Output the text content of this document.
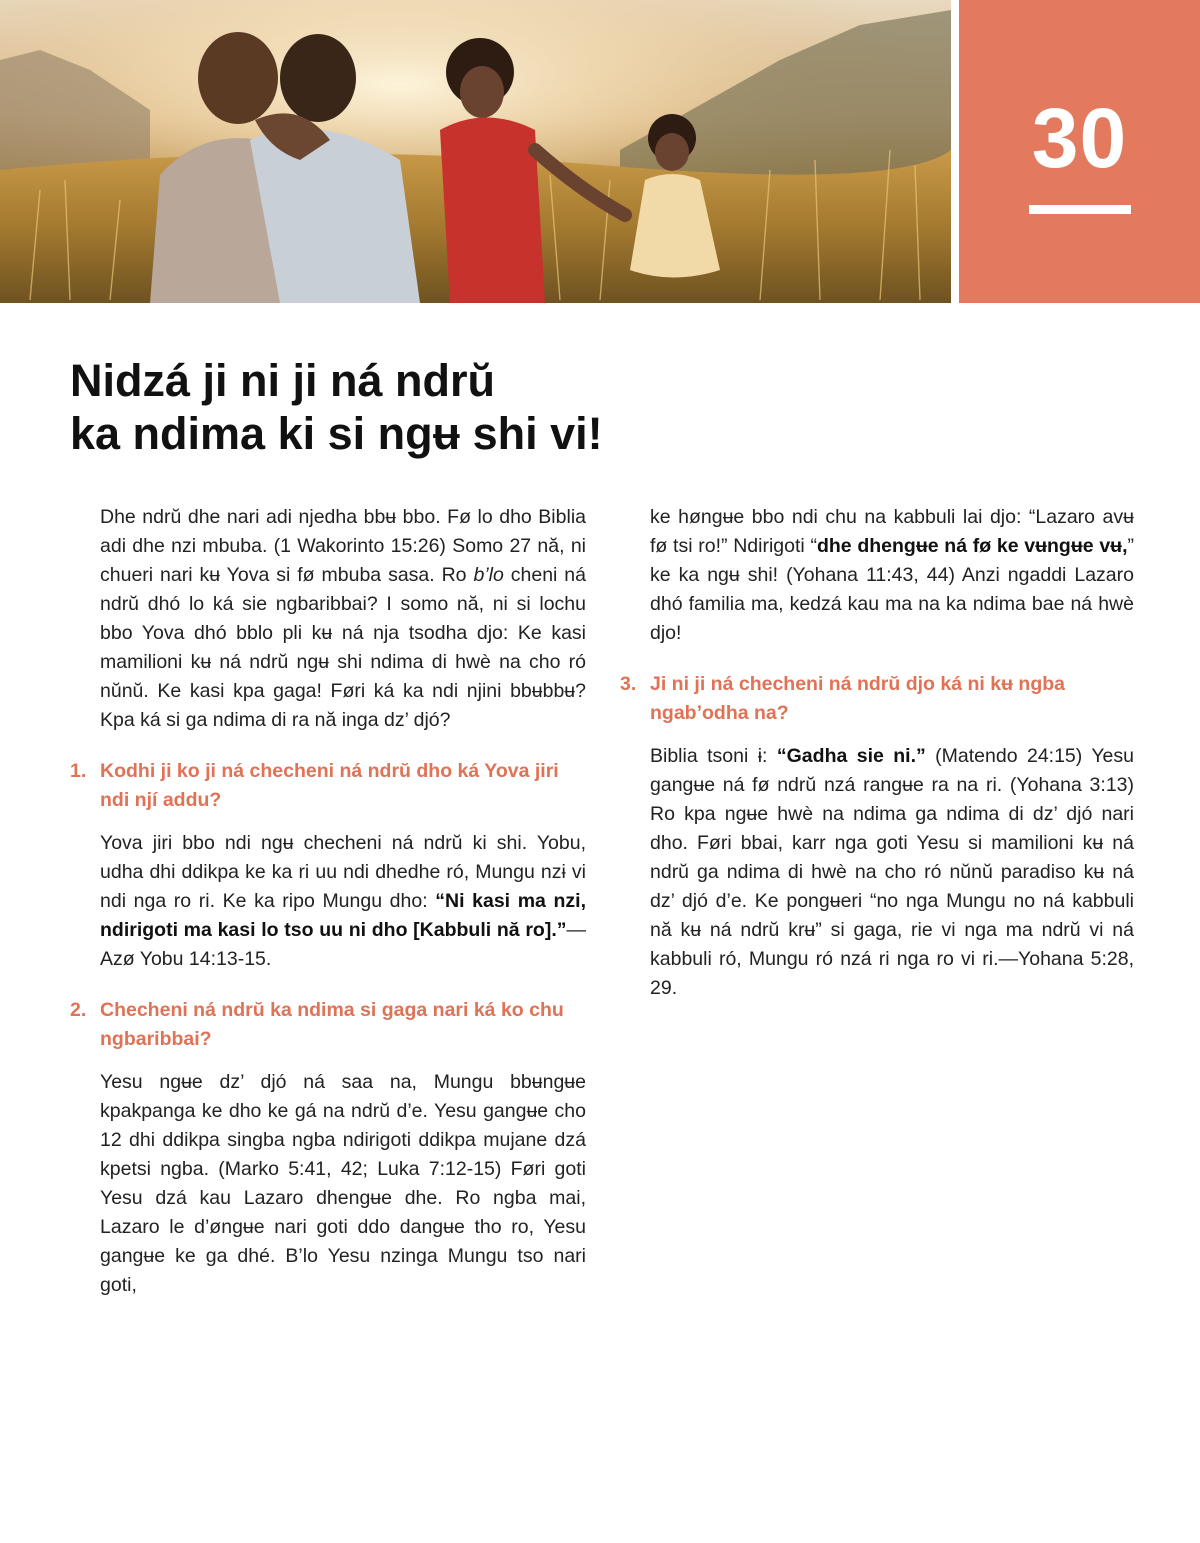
30
Nidzá ji ni ji ná ndrŭ
ka ndima ki si ngʉ shi vi!

Dhe ndrŭ dhe nari adi njedha bbʉ bbo. Fø lo dho Biblia adi dhe nzi mbuba. (1 Wakorinto 15:26) Somo 27 nă, ni chueri nari kʉ Yova si fø mbuba sasa. Ro b’lo cheni ná ndrŭ dhó lo ká sie ngbaribbai? I somo nă, ni si lochu bbo Yova dhó bblo pli kʉ ná nja tsodha djo: Ke kasi mamilioni kʉ ná ndrŭ ngʉ shi ndima di hwè na cho ró nŭnŭ. Ke kasi kpa gaga! Føri ká ka ndi njini bbʉbbʉ? Kpa ká si ga ndima di ra nă inga dz’ djó?

1. Kodhi ji ko ji ná checheni ná ndrŭ dho ká Yova jiri ndi njí addu?

Yova jiri bbo ndi ngʉ checheni ná ndrŭ ki shi. Yobu, udha dhi ddikpa ke ka ri uu ndi dhedhe ró, Mungu nzɨ vi ndi nga ro ri. Ke ka ripo Mungu dho: “Ni kasi ma nzi, ndirigoti ma kasi lo tso uu ni dho [Kabbuli nă ro].”—Azø Yobu 14:13-15.

2. Checheni ná ndrŭ ka ndima si gaga nari ká ko chu ngbaribbai?

Yesu ngʉe dz’ djó ná saa na, Mungu bbʉngʉe kpakpanga ke dho ke gá na ndrŭ d’e. Yesu gangʉe cho 12 dhi ddikpa singba ngba ndirigoti ddikpa mujane dzá kpetsi ngba. (Marko 5:41, 42; Luka 7:12-15) Føri goti Yesu dzá kau Lazaro dhengʉe dhe. Ro ngba mai, Lazaro le d’øngʉe nari goti ddo dangʉe tho ro, Yesu gangʉe ke ga dhé. B’lo Yesu nzinga Mungu tso nari goti,

ke høngʉe bbo ndi chu na kabbuli lai djo: “Lazaro avʉ fø tsi ro!” Ndirigoti “dhe dhengʉe ná fø ke vʉngʉe vʉ,” ke ka ngʉ shi! (Yohana 11:43, 44) Anzi ngaddi Lazaro dhó familia ma, kedzá kau ma na ka ndima bae ná hwè djo!

3. Ji ni ji ná checheni ná ndrŭ djo ká ni kʉ ngba ngab’odha na?

Biblia tsoni ɨ: “Gadha sie ni.” (Matendo 24:15) Yesu gangʉe ná fø ndrŭ nzá rangʉe ra na ri. (Yohana 3:13) Ro kpa ngʉe hwè na ndima ga ndima di dz’ djó nari dho. Føri bbai, karr nga goti Yesu si mamilioni kʉ ná ndrŭ ga ndima di hwè na cho ró nŭnŭ paradiso kʉ ná dz’ djó d’e. Ke pongʉeri “no nga Mungu no ná kabbuli nă kʉ ná ndrŭ krʉ” si gaga, rie vi nga ma ndrŭ vi ná kabbuli ró, Mungu ró nzá ri nga ro vi ri.—Yohana 5:28, 29.
